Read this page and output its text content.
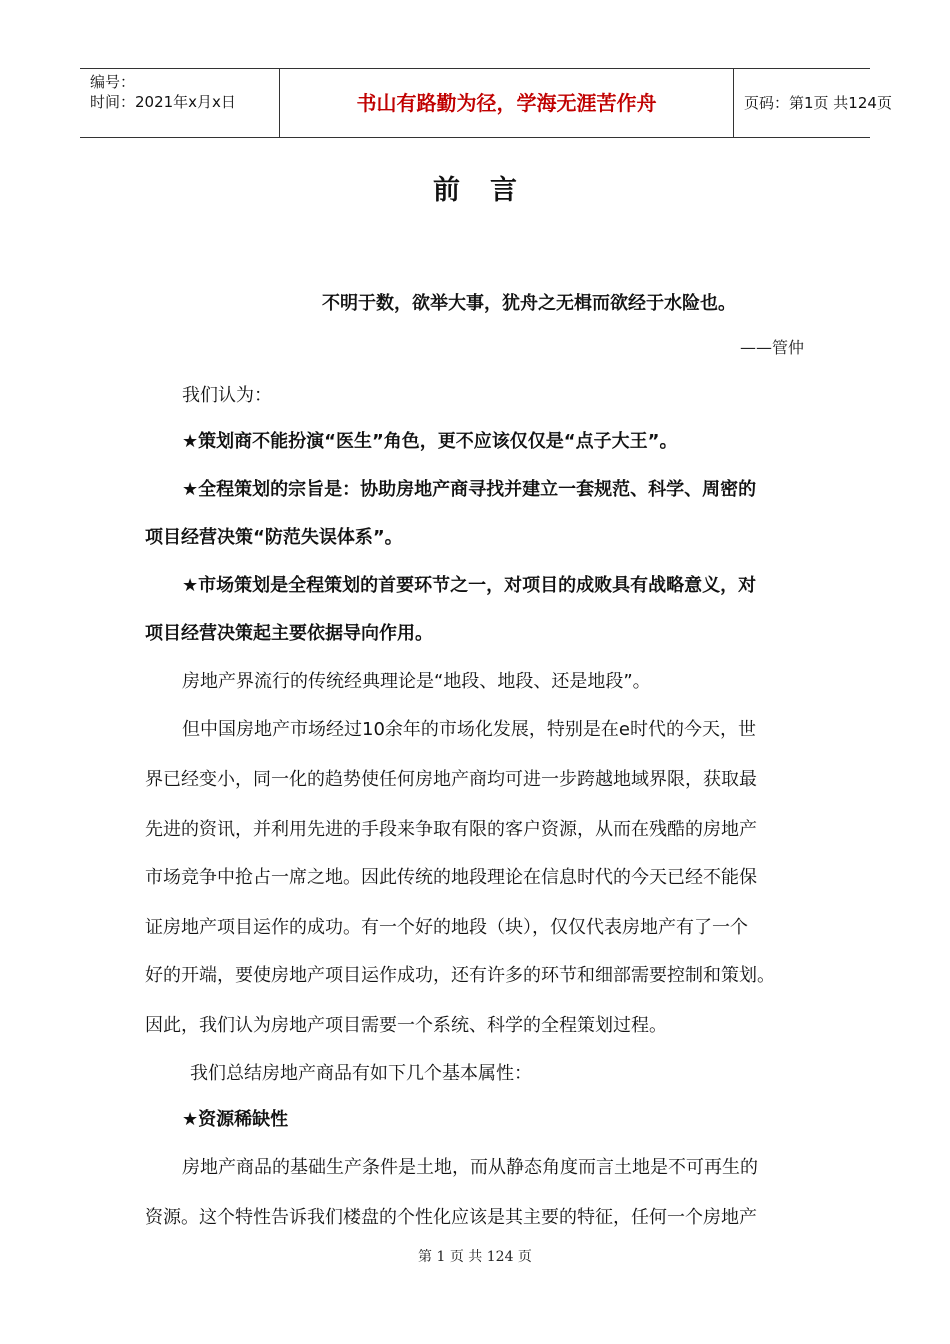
编号：
时间：2021年x月x日	书山有路勤为径，学海无涯苦作舟	页码：第1页 共124页
前言
不明于数，欲举大事，犹舟之无楫而欲经于水险也。
——管仲
我们认为：
★策划商不能扮演“医生”角色，更不应该仅仅是“点子大王”。
★全程策划的宗旨是：协助房地产商寻找并建立一套规范、科学、周密的
项目经营决策“防范失误体系”。
★市场策划是全程策划的首要环节之一，对项目的成败具有战略意义，对
项目经营决策起主要依据导向作用。
房地产界流行的传统经典理论是“地段、地段、还是地段”。
但中国房地产市场经过10余年的市场化发展，特别是在e时代的今天，世
界已经变小，同一化的趋势使任何房地产商均可进一步跨越地域界限，获取最
先进的资讯，并利用先进的手段来争取有限的客户资源，从而在残酷的房地产
市场竞争中抢占一席之地。因此传统的地段理论在信息时代的今天已经不能保
证房地产项目运作的成功。有一个好的地段（块），仅仅代表房地产有了一个
好的开端，要使房地产项目运作成功，还有许多的环节和细部需要控制和策划。
因此，我们认为房地产项目需要一个系统、科学的全程策划过程。
我们总结房地产商品有如下几个基本属性：
★资源稀缺性
房地产商品的基础生产条件是土地，而从静态角度而言土地是不可再生的
资源。这个特性告诉我们楼盘的个性化应该是其主要的特征，任何一个房地产
第 1 页 共 124 页
